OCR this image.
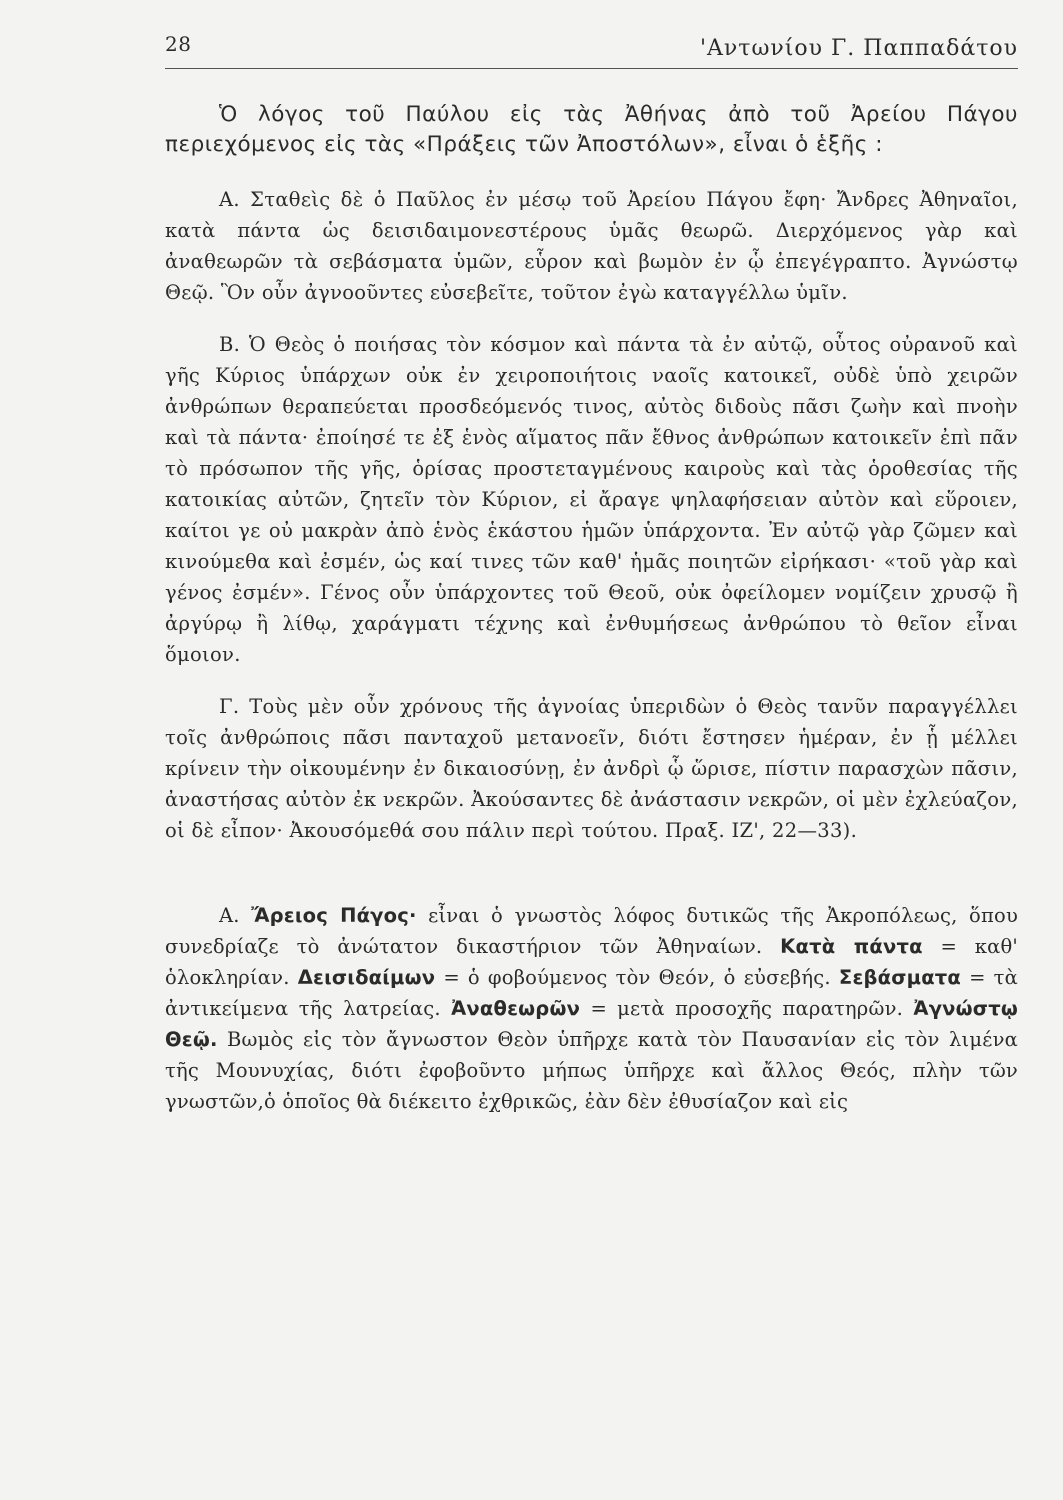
28	'Αντωνίου Γ. Παππαδάτου

Ὁ λόγος τοῦ Παύλου εἰς τὰς Ἀθήνας ἀπὸ τοῦ Ἀρείου Πάγου περιεχόμενος εἰς τὰς «Πράξεις τῶν Ἀποστόλων», εἶναι ὁ ἑξῆς :

Α. Σταθεὶς δὲ ὁ Παῦλος ἐν μέσῳ τοῦ Ἀρείου Πάγου ἔφη· Ἄνδρες Ἀθηναῖοι, κατὰ πάντα ὡς δεισιδαιμονεστέρους ὑμᾶς θεωρῶ. Διερχόμενος γὰρ καὶ ἀναθεωρῶν τὰ σεβάσματα ὑμῶν, εὗρον καὶ βωμὸν ἐν ᾧ ἐπεγέγραπτο. Ἀγνώστῳ Θεῷ. Ὃν οὖν ἀγνοοῦντες εὐσεβεῖτε, τοῦτον ἐγὼ καταγγέλλω ὑμῖν.

Β. Ὁ Θεὸς ὁ ποιήσας τὸν κόσμον καὶ πάντα τὰ ἐν αὐτῷ, οὗτος οὐρανοῦ καὶ γῆς Κύριος ὑπάρχων οὐκ ἐν χειροποιήτοις ναοῖς κατοικεῖ, οὐδὲ ὑπὸ χειρῶν ἀνθρώπων θεραπεύεται προσδεόμενός τινος, αὐτὸς διδοὺς πᾶσι ζωὴν καὶ πνοὴν καὶ τὰ πάντα· ἐποίησέ τε ἐξ ἑνὸς αἵματος πᾶν ἔθνος ἀνθρώπων κατοικεῖν ἐπὶ πᾶν τὸ πρόσωπον τῆς γῆς, ὁρίσας προστεταγμένους καιροὺς καὶ τὰς ὁροθεσίας τῆς κατοικίας αὐτῶν, ζητεῖν τὸν Κύριον, εἰ ἄραγε ψηλαφήσειαν αὐτὸν καὶ εὕροιεν, καίτοι γε οὐ μακρὰν ἀπὸ ἑνὸς ἑκάστου ἡμῶν ὑπάρχοντα. Ἐν αὐτῷ γὰρ ζῶμεν καὶ κινούμεθα καὶ ἐσμέν, ὡς καί τινες τῶν καθ' ἡμᾶς ποιητῶν εἰρήκασι· «τοῦ γὰρ καὶ γένος ἐσμέν». Γένος οὖν ὑπάρχοντες τοῦ Θεοῦ, οὐκ ὀφείλομεν νομίζειν χρυσῷ ἢ ἀργύρῳ ἢ λίθῳ, χαράγματι τέχνης καὶ ἐνθυμήσεως ἀνθρώπου τὸ θεῖον εἶναι ὅμοιον.

Γ. Τοὺς μὲν οὖν χρόνους τῆς ἀγνοίας ὑπεριδὼν ὁ Θεὸς τανῦν παραγγέλλει τοῖς ἀνθρώποις πᾶσι πανταχοῦ μετανοεῖν, διότι ἔστησεν ἡμέραν, ἐν ᾗ μέλλει κρίνειν τὴν οἰκουμένην ἐν δικαιοσύνῃ, ἐν ἀνδρὶ ᾧ ὥρισε, πίστιν παρασχὼν πᾶσιν, ἀναστήσας αὐτὸν ἐκ νεκρῶν. Ἀκούσαντες δὲ ἀνάστασιν νεκρῶν, οἱ μὲν ἐχλεύαζον, οἱ δὲ εἶπον· Ἀκουσόμεθά σου πάλιν περὶ τούτου. Πραξ. ΙΖ', 22—33).

Α. Ἄρειος Πάγος· εἶναι ὁ γνωστὸς λόφος δυτικῶς τῆς Ἀκροπόλεως, ὅπου συνεδρίαζε τὸ ἀνώτατον δικαστήριον τῶν Ἀθηναίων. Κατὰ πάντα = καθ' ὁλοκληρίαν. Δεισιδαίμων = ὁ φοβούμενος τὸν Θεόν, ὁ εὐσεβής. Σεβάσματα = τὰ ἀντικείμενα τῆς λατρείας. Ἀναθεωρῶν = μετὰ προσοχῆς παρατηρῶν. Ἀγνώστῳ Θεῷ. Βωμὸς εἰς τὸν ἄγνωστον Θεὸν ὑπῆρχε κατὰ τὸν Παυσανίαν εἰς τὸν λιμένα τῆς Μουνυχίας, διότι ἐφοβοῦντο μήπως ὑπῆρχε καὶ ἄλλος Θεός, πλὴν τῶν γνωστῶν,ὁ ὁποῖος θὰ διέκειτο ἐχθρικῶς, ἐὰν δὲν ἐθυσίαζον καὶ εἰς
